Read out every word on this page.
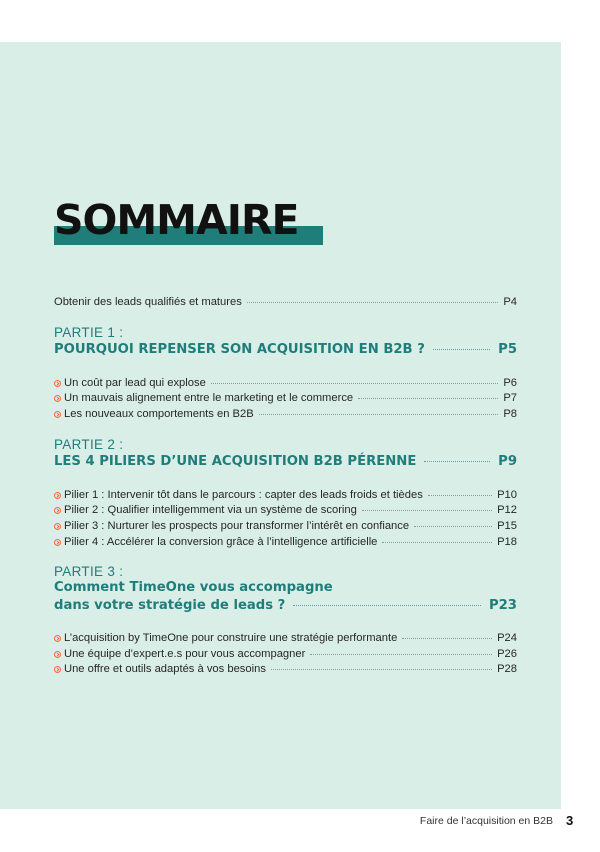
SOMMAIRE
Obtenir des leads qualifiés et matures	P4
PARTIE 1 :
POURQUOI REPENSER SON ACQUISITION EN B2B ?	P5
Un coût par lead qui explose	P6
Un mauvais alignement entre le marketing et le commerce	P7
Les nouveaux comportements en B2B	P8
PARTIE 2 :
LES 4 PILIERS D’UNE ACQUISITION B2B PÉRENNE	P9
Pilier 1 : Intervenir tôt dans le parcours : capter des leads froids et tièdes	P10
Pilier 2 : Qualifier intelligemment via un système de scoring	P12
Pilier 3 : Nurturer les prospects pour transformer l’intérêt en confiance	P15
Pilier 4 : Accélérer la conversion grâce à l’intelligence artificielle	P18
PARTIE 3 :
Comment TimeOne vous accompagne
dans votre stratégie de leads ?	P23
L’acquisition by TimeOne pour construire une stratégie performante	P24
Une équipe d’expert.e.s pour vous accompagner	P26
Une offre et outils adaptés à vos besoins	P28
Faire de l’acquisition en B2B 3
